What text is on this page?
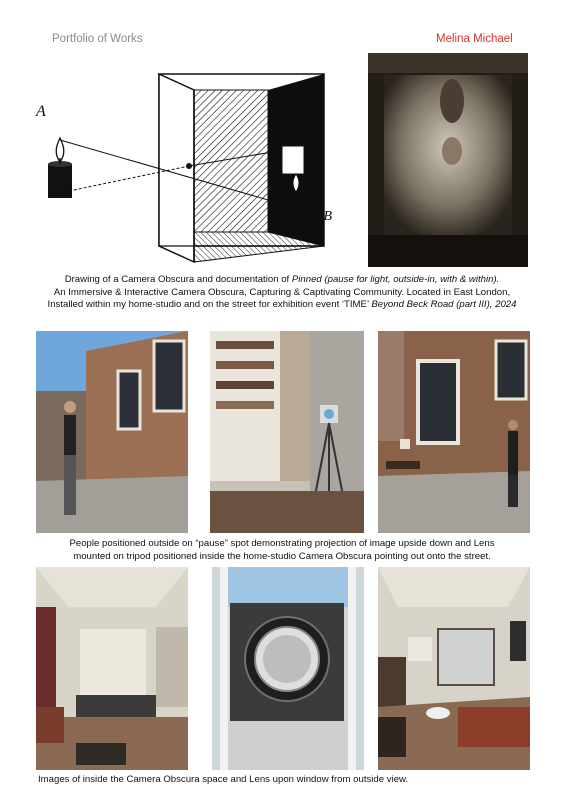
Portfolio of Works	Melina Michael
A
B
Drawing of a Camera Obscura and documentation of Pinned (pause for light, outside-in, with & within).
An Immersive & Interactive Camera Obscura, Capturing & Captivating Community. Located in East London,
Installed within my home-studio and on the street for exhibition event ‘TIME’ Beyond Beck Road (part III), 2024
People positioned outside on “pause” spot demonstrating projection of image upside down and Lens
mounted on tripod positioned inside the home-studio Camera Obscura pointing out onto the street.
Images of inside the Camera Obscura space and Lens upon window from outside view.
